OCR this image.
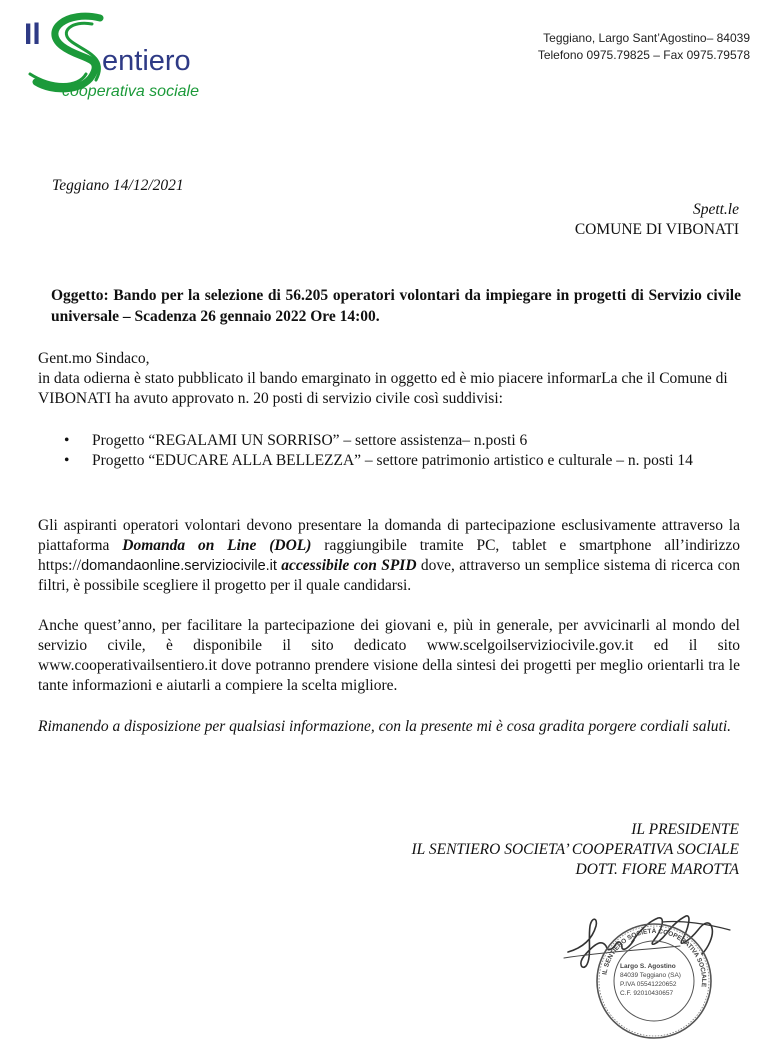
Il
entiero
cooperativa sociale
Teggiano, Largo Sant’Agostino– 84039
Telefono 0975.79825 – Fax 0975.79578
Teggiano 14/12/2021
Spett.le
COMUNE DI VIBONATI
Oggetto: Bando per la selezione di 56.205 operatori volontari da impiegare in progetti di Servizio civile universale – Scadenza 26 gennaio 2022 Ore 14:00.
Gent.mo Sindaco,
in data odierna è stato pubblicato il bando emarginato in oggetto ed è mio piacere informarLa che il Comune di VIBONATI ha avuto approvato n. 20 posti di servizio civile così suddivisi:
• Progetto “REGALAMI UN SORRISO” – settore assistenza– n.posti 6
• Progetto “EDUCARE ALLA BELLEZZA” – settore patrimonio artistico e culturale – n. posti 14
Gli aspiranti operatori volontari devono presentare la domanda di partecipazione esclusivamente attraverso la piattaforma Domanda on Line (DOL) raggiungibile tramite PC, tablet e smartphone all’indirizzo https://domandaonline.serviziocivile.it accessibile con SPID dove, attraverso un semplice sistema di ricerca con filtri, è possibile scegliere il progetto per il quale candidarsi.
Anche quest’anno, per facilitare la partecipazione dei giovani e, più in generale, per avvicinarli al mondo del servizio civile, è disponibile il sito dedicato www.scelgoilserviziocivile.gov.it ed il sito www.cooperativailsentiero.it dove potranno prendere visione della sintesi dei progetti per meglio orientarli tra le tante informazioni e aiutarli a compiere la scelta migliore.
Rimanendo a disposizione per qualsiasi informazione, con la presente mi è cosa gradita porgere cordiali saluti.
IL PRESIDENTE
IL SENTIERO SOCIETA’ COOPERATIVA SOCIALE
DOTT. FIORE MAROTTA
IL SENTIERO SOCIETÀ COOPERATIVA SOCIALE
Largo S. Agostino
84039 Teggiano (SA)
P.IVA 05541220652
C.F. 92010430657
